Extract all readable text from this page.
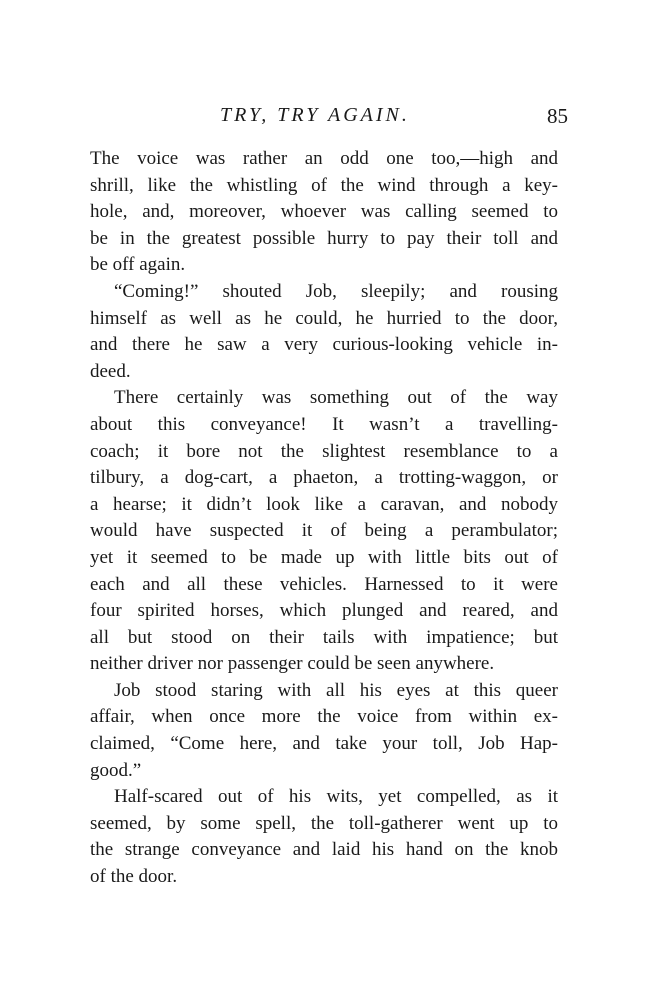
TRY, TRY AGAIN.	85
The voice was rather an odd one too,—high and
shrill, like the whistling of the wind through a key-
hole, and, moreover, whoever was calling seemed to
be in the greatest possible hurry to pay their toll and
be off again.
“Coming!” shouted Job, sleepily; and rousing
himself as well as he could, he hurried to the door,
and there he saw a very curious-looking vehicle in-
deed.
There certainly was something out of the way
about this conveyance! It wasn’t a travelling-
coach; it bore not the slightest resemblance to a
tilbury, a dog-cart, a phaeton, a trotting-waggon, or
a hearse; it didn’t look like a caravan, and nobody
would have suspected it of being a perambulator;
yet it seemed to be made up with little bits out of
each and all these vehicles. Harnessed to it were
four spirited horses, which plunged and reared, and
all but stood on their tails with impatience; but
neither driver nor passenger could be seen anywhere.
Job stood staring with all his eyes at this queer
affair, when once more the voice from within ex-
claimed, “Come here, and take your toll, Job Hap-
good.”
Half-scared out of his wits, yet compelled, as it
seemed, by some spell, the toll-gatherer went up to
the strange conveyance and laid his hand on the knob
of the door.
